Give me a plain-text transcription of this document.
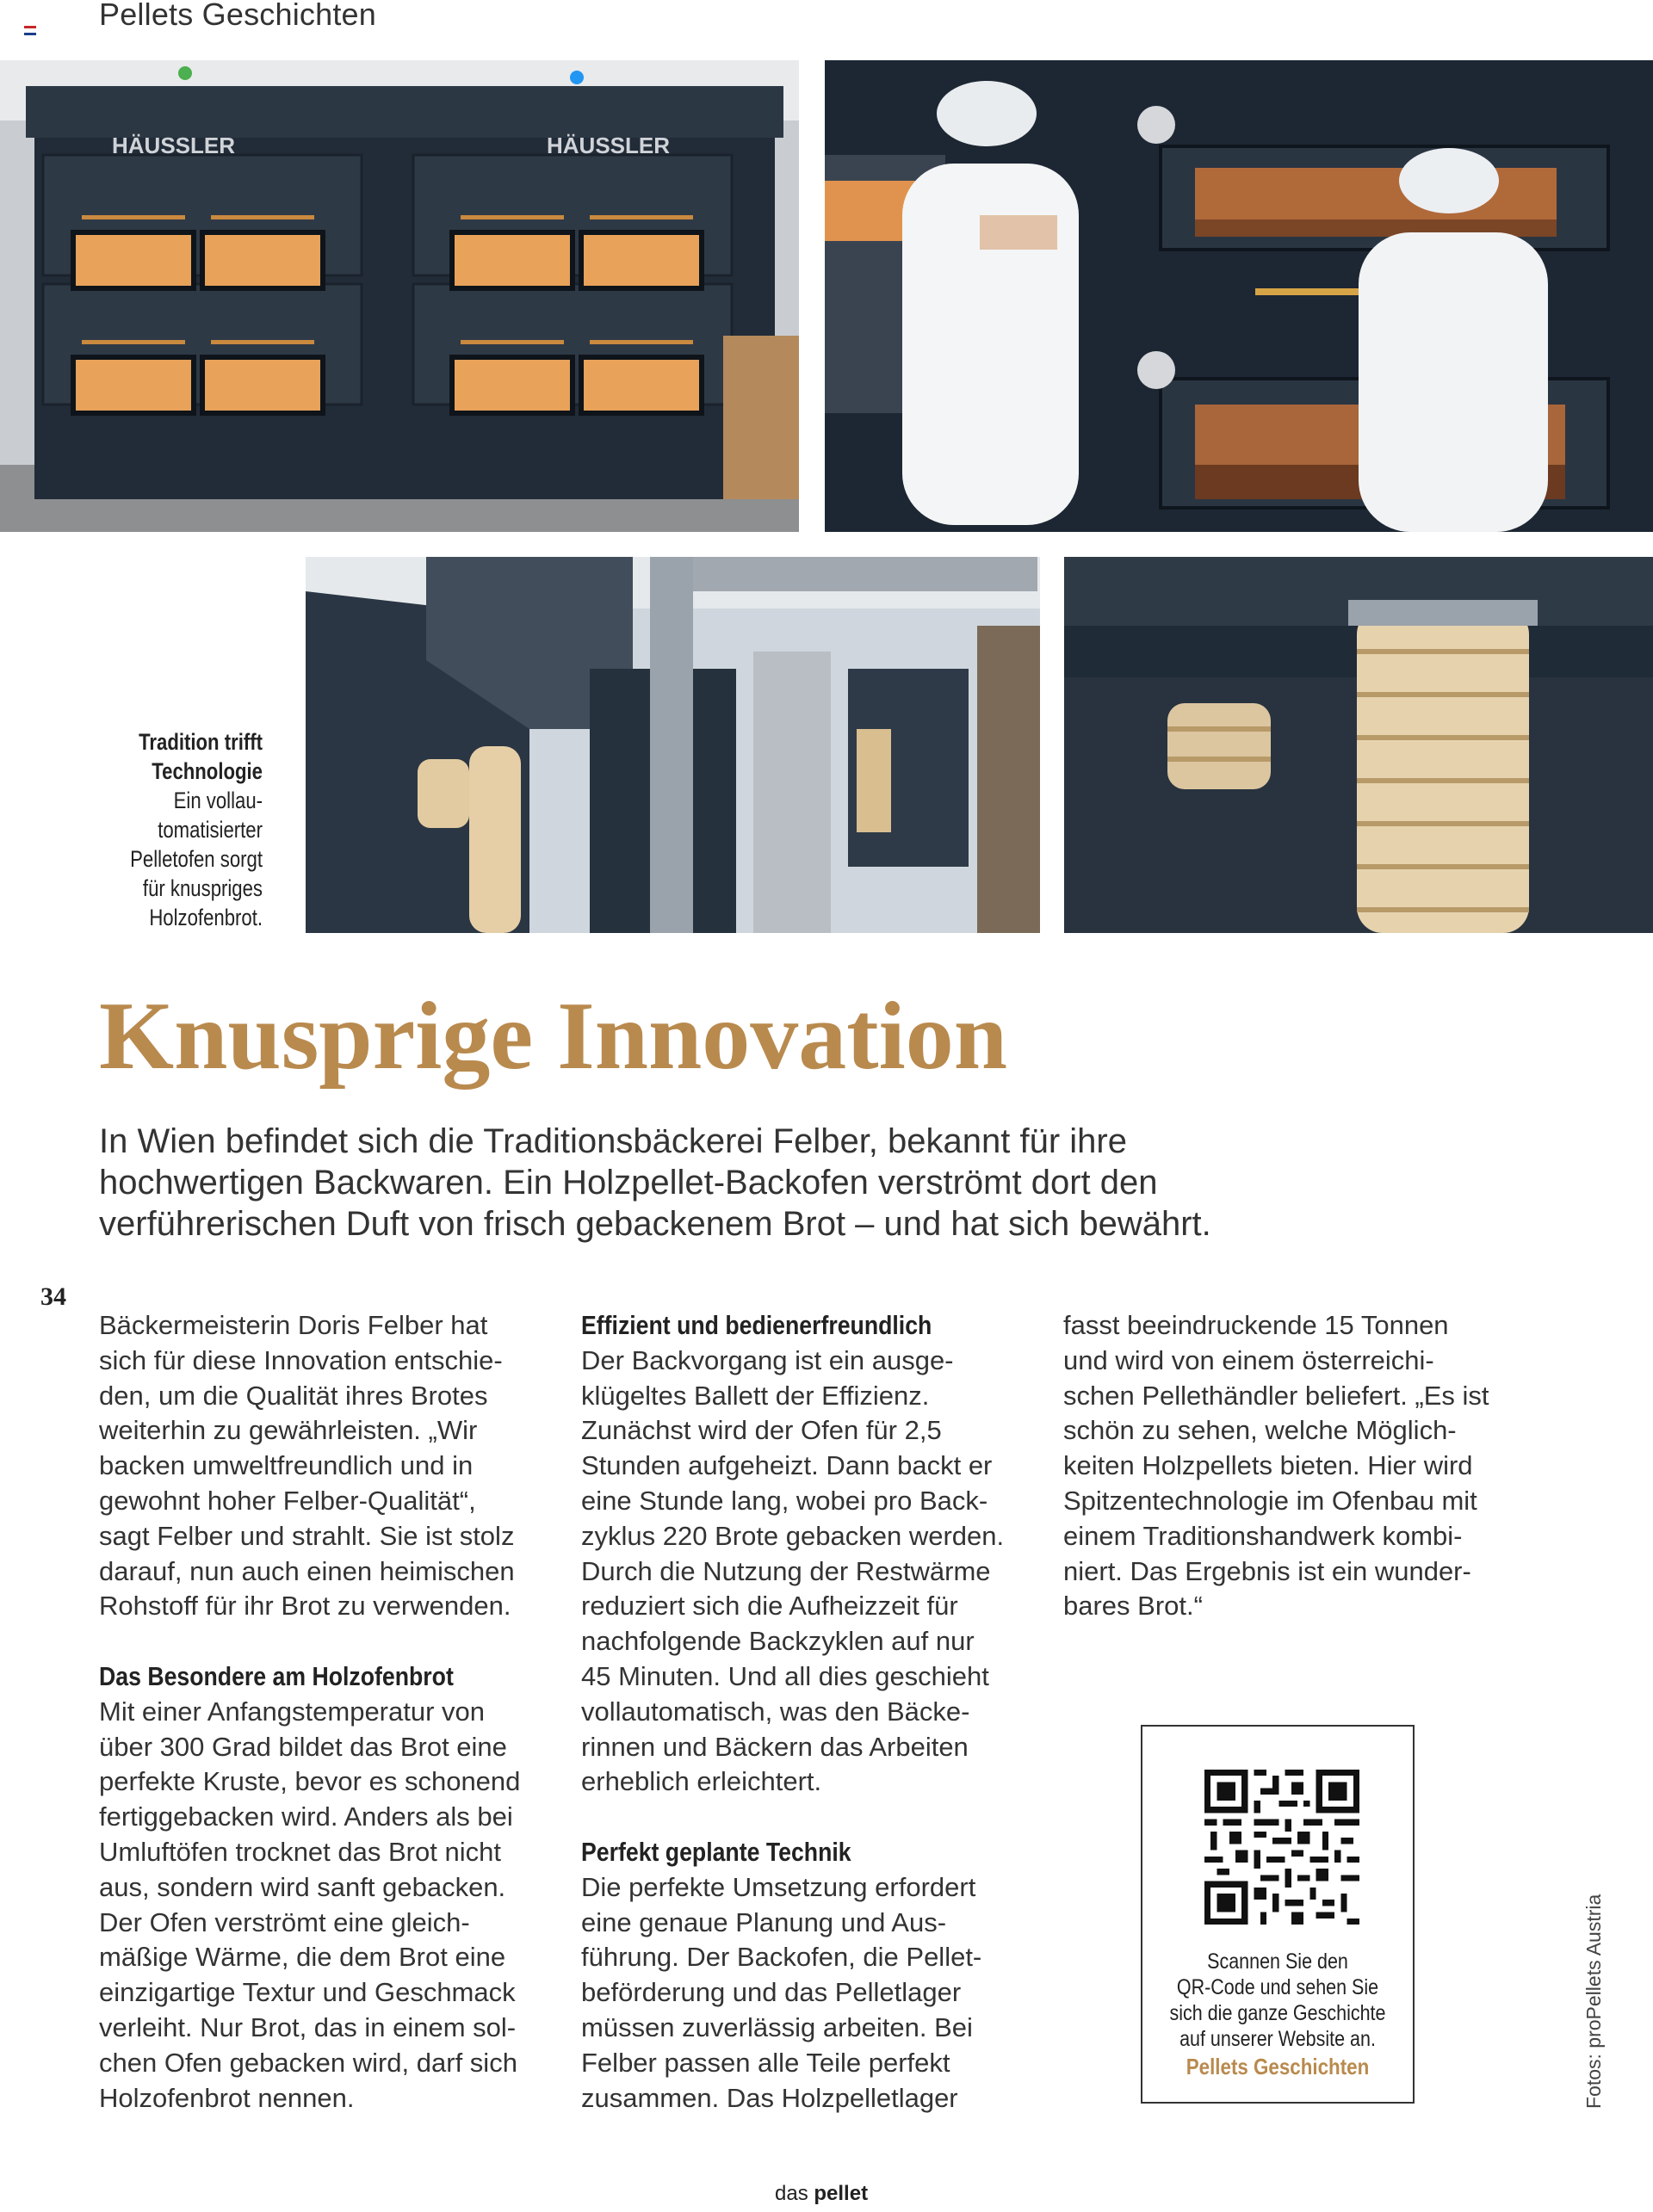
Pellets Geschichten
HÄUSSLER	HÄUSSLER
Tradition trifft
Technologie
Ein vollau-
tomatisierter
Pelletofen sorgt
für knuspriges
Holzofenbrot.
Knusprige Innovation
In Wien befindet sich die Traditionsbäckerei Felber, bekannt für ihre
hochwertigen Backwaren. Ein Holzpellet-Backofen verströmt dort den
verführerischen Duft von frisch gebackenem Brot – und hat sich bewährt.
34

Bäckermeisterin Doris Felber hat

sich für diese Innovation entschie-

den, um die Qualität ihres Brotes

weiterhin zu gewährleisten. „Wir

backen umweltfreundlich und in

gewohnt hoher Felber-Qualität“,

sagt Felber und strahlt. Sie ist stolz

darauf, nun auch einen heimischen

Rohstoff für ihr Brot zu verwenden.

Das Besondere am Holzofenbrot

Mit einer Anfangstemperatur von

über 300 Grad bildet das Brot eine

perfekte Kruste, bevor es schonend

fertiggebacken wird. Anders als bei

Umluftöfen trocknet das Brot nicht

aus, sondern wird sanft gebacken.

Der Ofen verströmt eine gleich-

mäßige Wärme, die dem Brot eine

einzigartige Textur und Geschmack

verleiht. Nur Brot, das in einem sol-

chen Ofen gebacken wird, darf sich

Holzofenbrot nennen.

Effizient und bedienerfreundlich

Der Backvorgang ist ein ausge-

klügeltes Ballett der Effizienz.

Zunächst wird der Ofen für 2,5

Stunden aufgeheizt. Dann backt er

eine Stunde lang, wobei pro Back-

zyklus 220 Brote gebacken werden.

Durch die Nutzung der Restwärme

reduziert sich die Aufheizzeit für

nachfolgende Backzyklen auf nur

45 Minuten. Und all dies geschieht

vollautomatisch, was den Bäcke-

rinnen und Bäckern das Arbeiten

erheblich erleichtert.

Perfekt geplante Technik

Die perfekte Umsetzung erfordert

eine genaue Planung und Aus-

führung. Der Backofen, die Pellet-

beförderung und das Pelletlager

müssen zuverlässig arbeiten. Bei

Felber passen alle Teile perfekt

zusammen. Das Holzpelletlager

fasst beeindruckende 15 Tonnen

und wird von einem österreichi-

schen Pellethändler beliefert. „Es ist

schön zu sehen, welche Möglich-

keiten Holzpellets bieten. Hier wird

Spitzentechnologie im Ofenbau mit

einem Traditionshandwerk kombi-

niert. Das Ergebnis ist ein wunder-

bares Brot.“

Scannen Sie den
QR-Code und sehen Sie
sich die ganze Geschichte
auf unserer Website an.
Pellets Geschichten	Fotos: proPellets Austria
das pellet
